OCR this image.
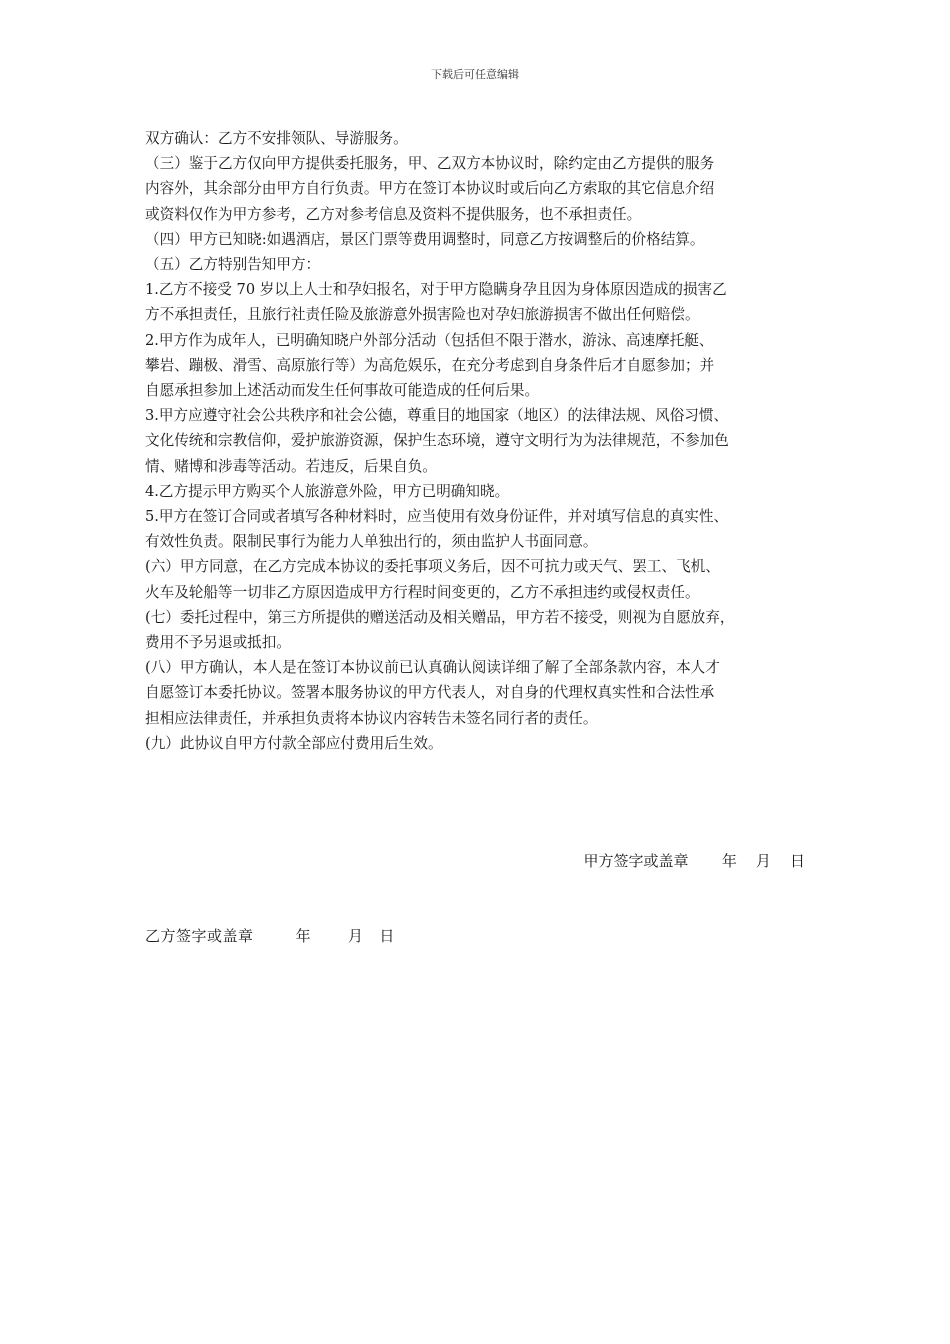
下载后可任意编辑

双方确认：乙方不安排领队、导游服务。

（三）鉴于乙方仅向甲方提供委托服务，甲、乙双方本协议时，除约定由乙方提供的服务

内容外，其余部分由甲方自行负责。甲方在签订本协议时或后向乙方索取的其它信息介绍

或资料仅作为甲方参考，乙方对参考信息及资料不提供服务，也不承担责任。

（四）甲方已知晓:如遇酒店，景区门票等费用调整时，同意乙方按调整后的价格结算。

（五）乙方特别告知甲方：

1.乙方不接受 70 岁以上人士和孕妇报名，对于甲方隐瞒身孕且因为身体原因造成的损害乙

方不承担责任，且旅行社责任险及旅游意外损害险也对孕妇旅游损害不做出任何赔偿。

2.甲方作为成年人，已明确知晓户外部分活动（包括但不限于潜水，游泳、高速摩托艇、

攀岩、蹦极、滑雪、高原旅行等）为高危娱乐，在充分考虑到自身条件后才自愿参加；并

自愿承担参加上述活动而发生任何事故可能造成的任何后果。

3.甲方应遵守社会公共秩序和社会公德，尊重目的地国家（地区）的法律法规、风俗习惯、

文化传统和宗教信仰，爱护旅游资源，保护生态环境，遵守文明行为为法律规范，不参加色

情、赌博和涉毒等活动。若违反，后果自负。

4.乙方提示甲方购买个人旅游意外险，甲方已明确知晓。

5.甲方在签订合同或者填写各种材料时，应当使用有效身份证件，并对填写信息的真实性、

有效性负责。限制民事行为能力人单独出行的，须由监护人书面同意。

(六）甲方同意，在乙方完成本协议的委托事项义务后，因不可抗力或天气、罢工、飞机、

火车及轮船等一切非乙方原因造成甲方行程时间变更的，乙方不承担违约或侵权责任。

(七）委托过程中，第三方所提供的赠送活动及相关赠品，甲方若不接受，则视为自愿放弃，

费用不予另退或抵扣。

(八）甲方确认，本人是在签订本协议前已认真确认阅读详细了解了全部条款内容，本人才

自愿签订本委托协议。签署本服务协议的甲方代表人，对自身的代理权真实性和合法性承

担相应法律责任，并承担负责将本协议内容转告未签名同行者的责任。

(九）此协议自甲方付款全部应付费用后生效。

甲方签字或盖章       年    月    日
乙方签字或盖章        年       月   日
